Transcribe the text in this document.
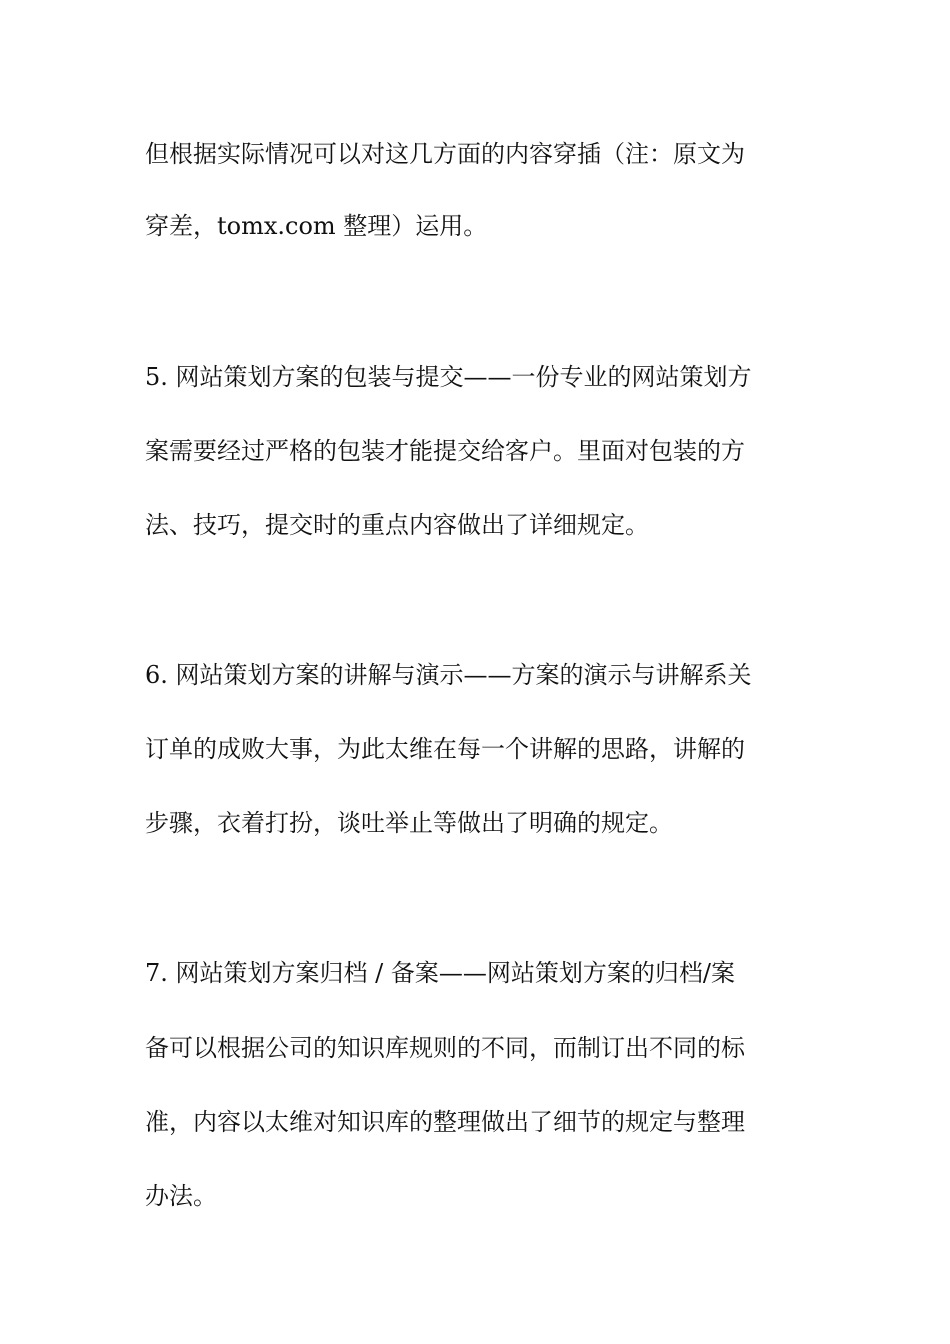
但根据实际情况可以对这几方面的内容穿插（注：原文为
穿差，tomx.com 整理）运用。
5. 网站策划方案的包装与提交——一份专业的网站策划方
案需要经过严格的包装才能提交给客户。里面对包装的方
法、技巧，提交时的重点内容做出了详细规定。
6. 网站策划方案的讲解与演示——方案的演示与讲解系关
订单的成败大事，为此太维在每一个讲解的思路，讲解的
步骤，衣着打扮，谈吐举止等做出了明确的规定。
7. 网站策划方案归档 / 备案——网站策划方案的归档/案
备可以根据公司的知识库规则的不同，而制订出不同的标
准，内容以太维对知识库的整理做出了细节的规定与整理
办法。
